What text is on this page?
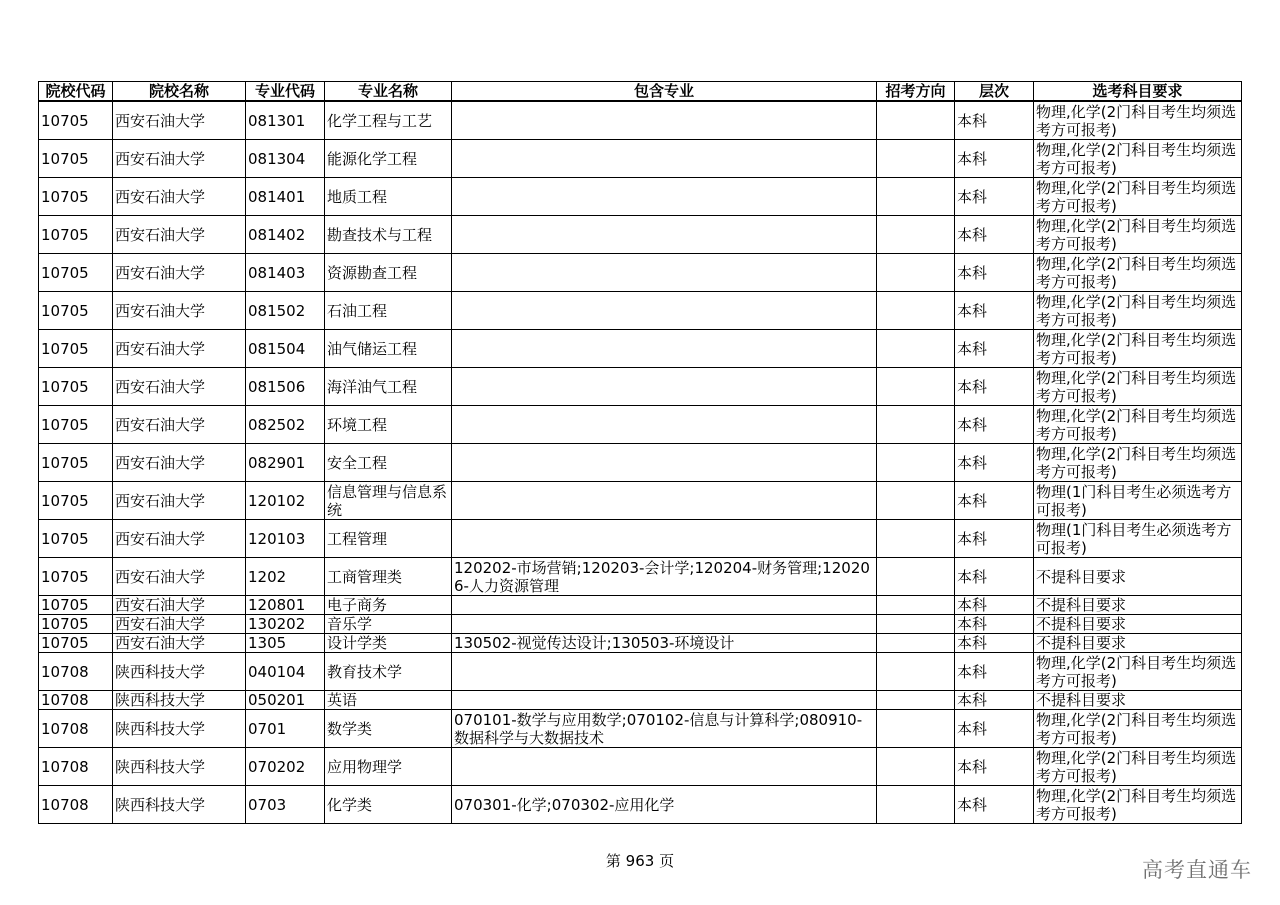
院校代码	院校名称	专业代码	专业名称	包含专业	招考方向	层次	选考科目要求
10705	西安石油大学	081301	化学工程与工艺			本科	物理,化学(2门科目考生均须选考方可报考)
10705	西安石油大学	081304	能源化学工程			本科	物理,化学(2门科目考生均须选考方可报考)
10705	西安石油大学	081401	地质工程			本科	物理,化学(2门科目考生均须选考方可报考)
10705	西安石油大学	081402	勘查技术与工程			本科	物理,化学(2门科目考生均须选考方可报考)
10705	西安石油大学	081403	资源勘查工程			本科	物理,化学(2门科目考生均须选考方可报考)
10705	西安石油大学	081502	石油工程			本科	物理,化学(2门科目考生均须选考方可报考)
10705	西安石油大学	081504	油气储运工程			本科	物理,化学(2门科目考生均须选考方可报考)
10705	西安石油大学	081506	海洋油气工程			本科	物理,化学(2门科目考生均须选考方可报考)
10705	西安石油大学	082502	环境工程			本科	物理,化学(2门科目考生均须选考方可报考)
10705	西安石油大学	082901	安全工程			本科	物理,化学(2门科目考生均须选考方可报考)
10705	西安石油大学	120102	信息管理与信息系统			本科	物理(1门科目考生必须选考方可报考)
10705	西安石油大学	120103	工程管理			本科	物理(1门科目考生必须选考方可报考)
10705	西安石油大学	1202	工商管理类	120202-市场营销;120203-会计学;120204-财务管理;120206-人力资源管理		本科	不提科目要求
10705	西安石油大学	120801	电子商务			本科	不提科目要求
10705	西安石油大学	130202	音乐学			本科	不提科目要求
10705	西安石油大学	1305	设计学类	130502-视觉传达设计;130503-环境设计		本科	不提科目要求
10708	陕西科技大学	040104	教育技术学			本科	物理,化学(2门科目考生均须选考方可报考)
10708	陕西科技大学	050201	英语			本科	不提科目要求
10708	陕西科技大学	0701	数学类	070101-数学与应用数学;070102-信息与计算科学;080910-数据科学与大数据技术		本科	物理,化学(2门科目考生均须选考方可报考)
10708	陕西科技大学	070202	应用物理学			本科	物理,化学(2门科目考生均须选考方可报考)
10708	陕西科技大学	0703	化学类	070301-化学;070302-应用化学		本科	物理,化学(2门科目考生均须选考方可报考)
第 963 页	高考直通车
